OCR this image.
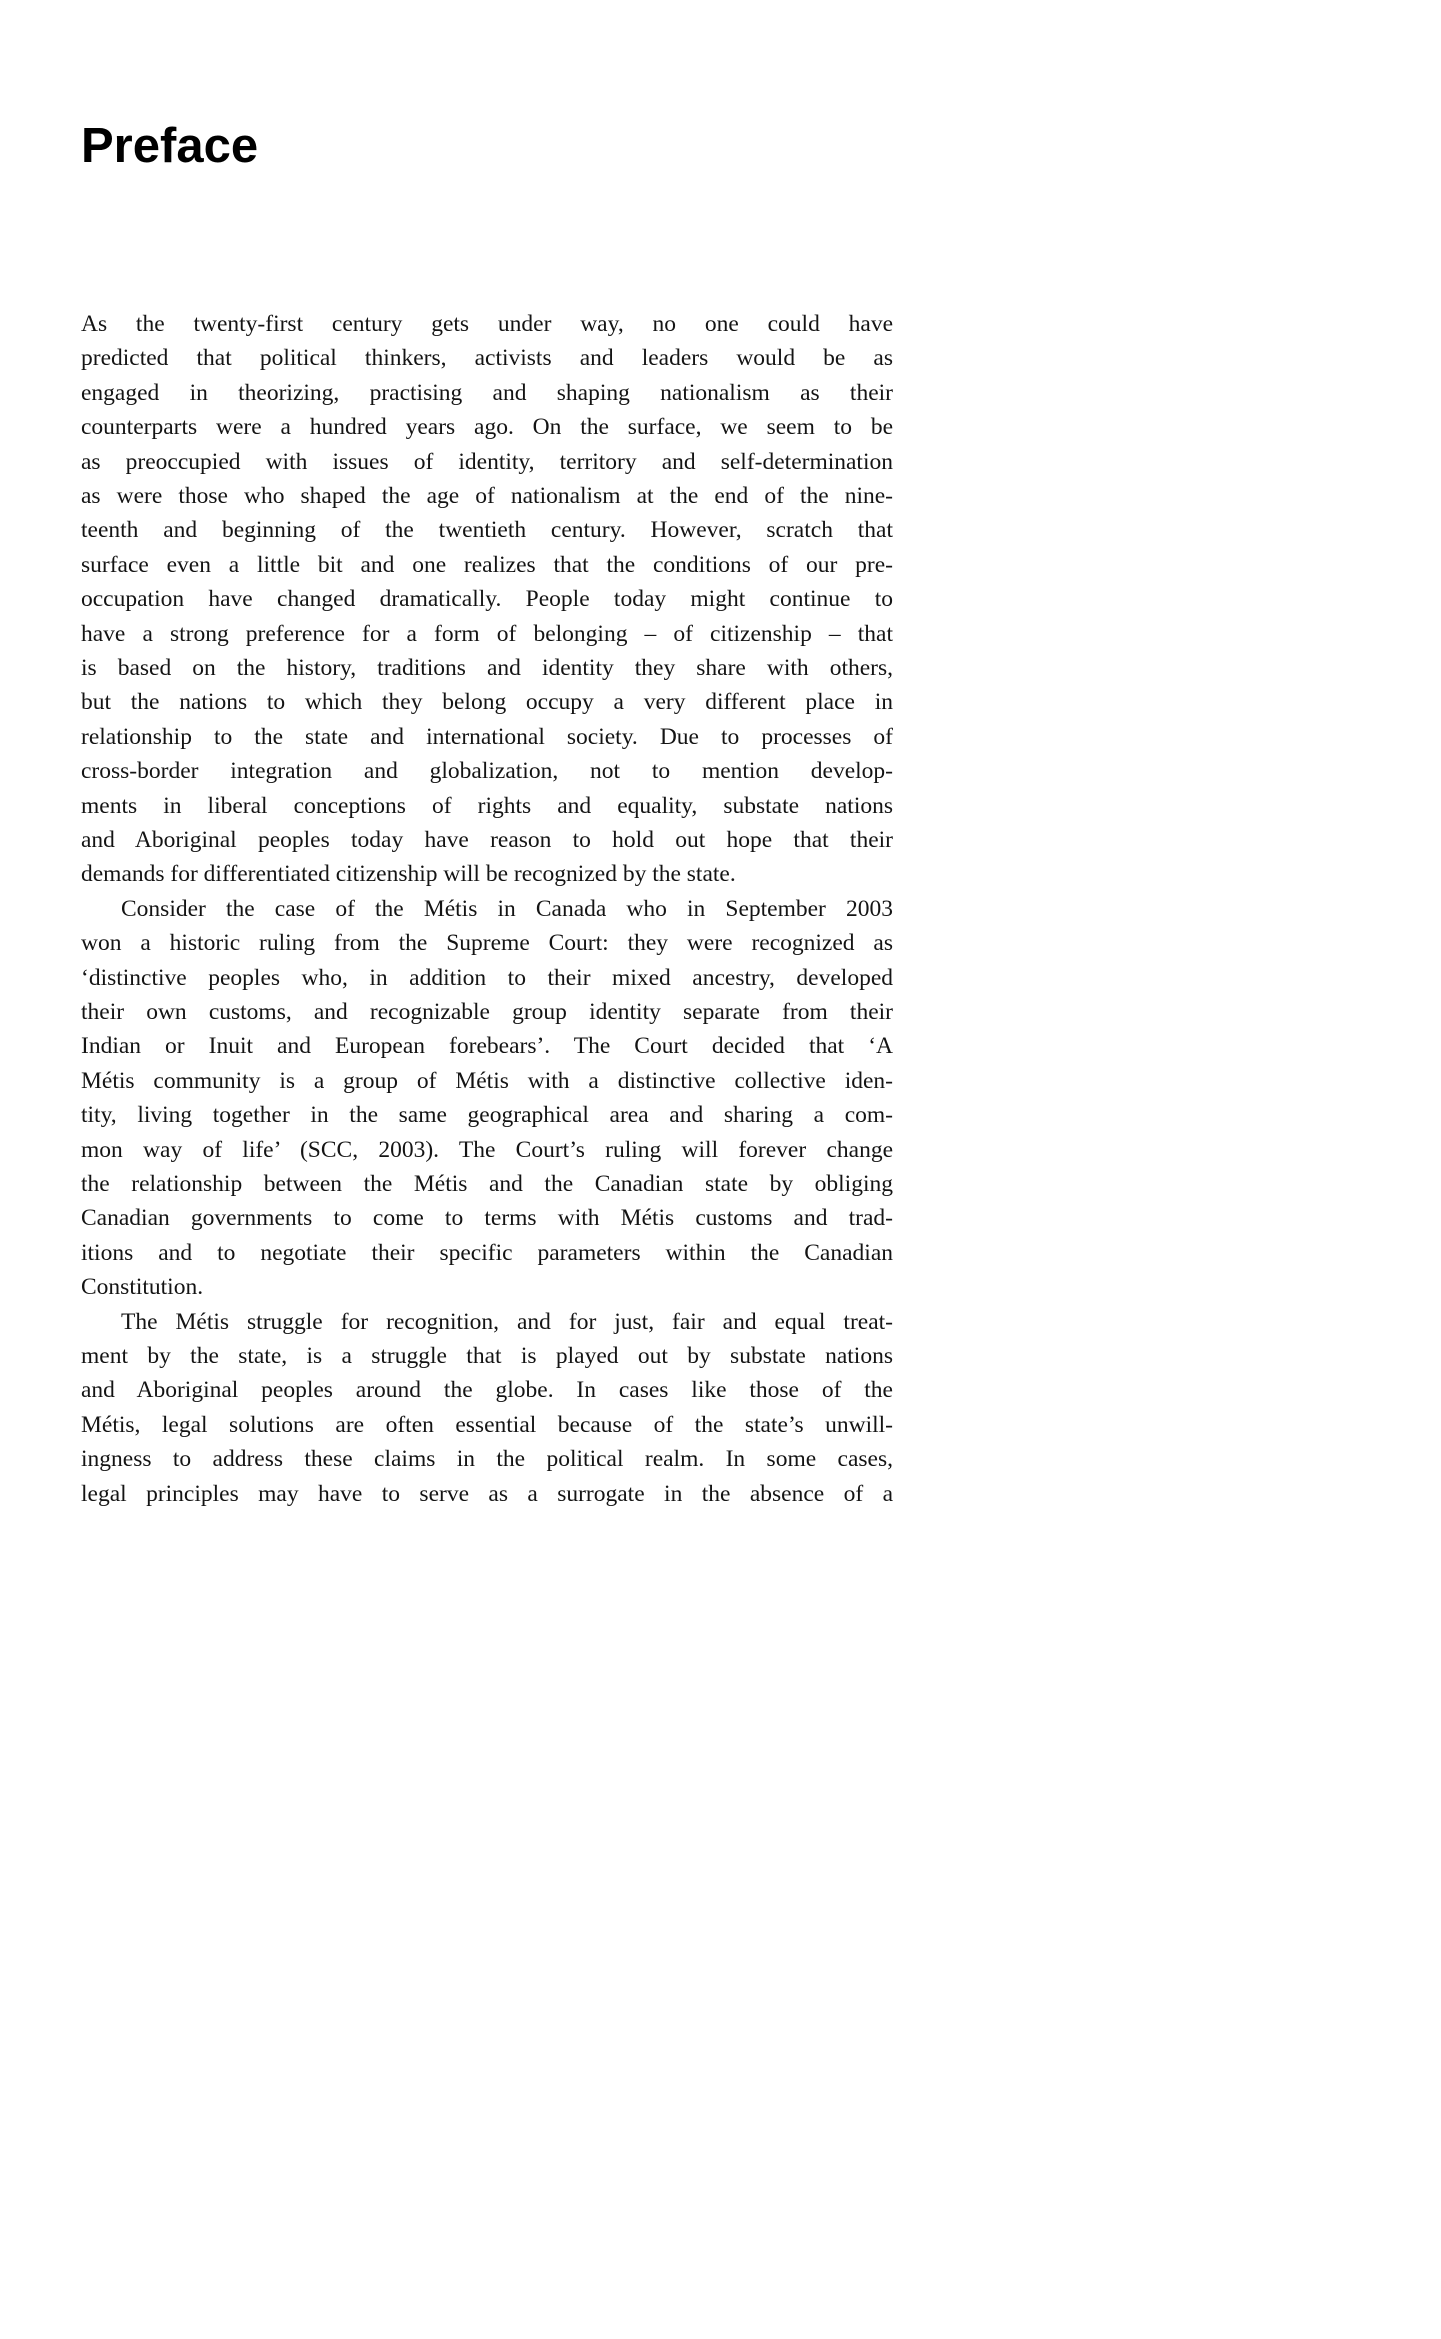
Preface
As the twenty-first century gets under way, no one could have
predicted that political thinkers, activists and leaders would be as
engaged in theorizing, practising and shaping nationalism as their
counterparts were a hundred years ago. On the surface, we seem to be
as preoccupied with issues of identity, territory and self-determination
as were those who shaped the age of nationalism at the end of the nine-
teenth and beginning of the twentieth century. However, scratch that
surface even a little bit and one realizes that the conditions of our pre-
occupation have changed dramatically. People today might continue to
have a strong preference for a form of belonging – of citizenship – that
is based on the history, traditions and identity they share with others,
but the nations to which they belong occupy a very different place in
relationship to the state and international society. Due to processes of
cross-border integration and globalization, not to mention develop-
ments in liberal conceptions of rights and equality, substate nations
and Aboriginal peoples today have reason to hold out hope that their
demands for differentiated citizenship will be recognized by the state.
Consider the case of the Métis in Canada who in September 2003
won a historic ruling from the Supreme Court: they were recognized as
‘distinctive peoples who, in addition to their mixed ancestry, developed
their own customs, and recognizable group identity separate from their
Indian or Inuit and European forebears’. The Court decided that ‘A
Métis community is a group of Métis with a distinctive collective iden-
tity, living together in the same geographical area and sharing a com-
mon way of life’ (SCC, 2003). The Court’s ruling will forever change
the relationship between the Métis and the Canadian state by obliging
Canadian governments to come to terms with Métis customs and trad-
itions and to negotiate their specific parameters within the Canadian
Constitution.
The Métis struggle for recognition, and for just, fair and equal treat-
ment by the state, is a struggle that is played out by substate nations
and Aboriginal peoples around the globe. In cases like those of the
Métis, legal solutions are often essential because of the state’s unwill-
ingness to address these claims in the political realm. In some cases,
legal principles may have to serve as a surrogate in the absence of a
